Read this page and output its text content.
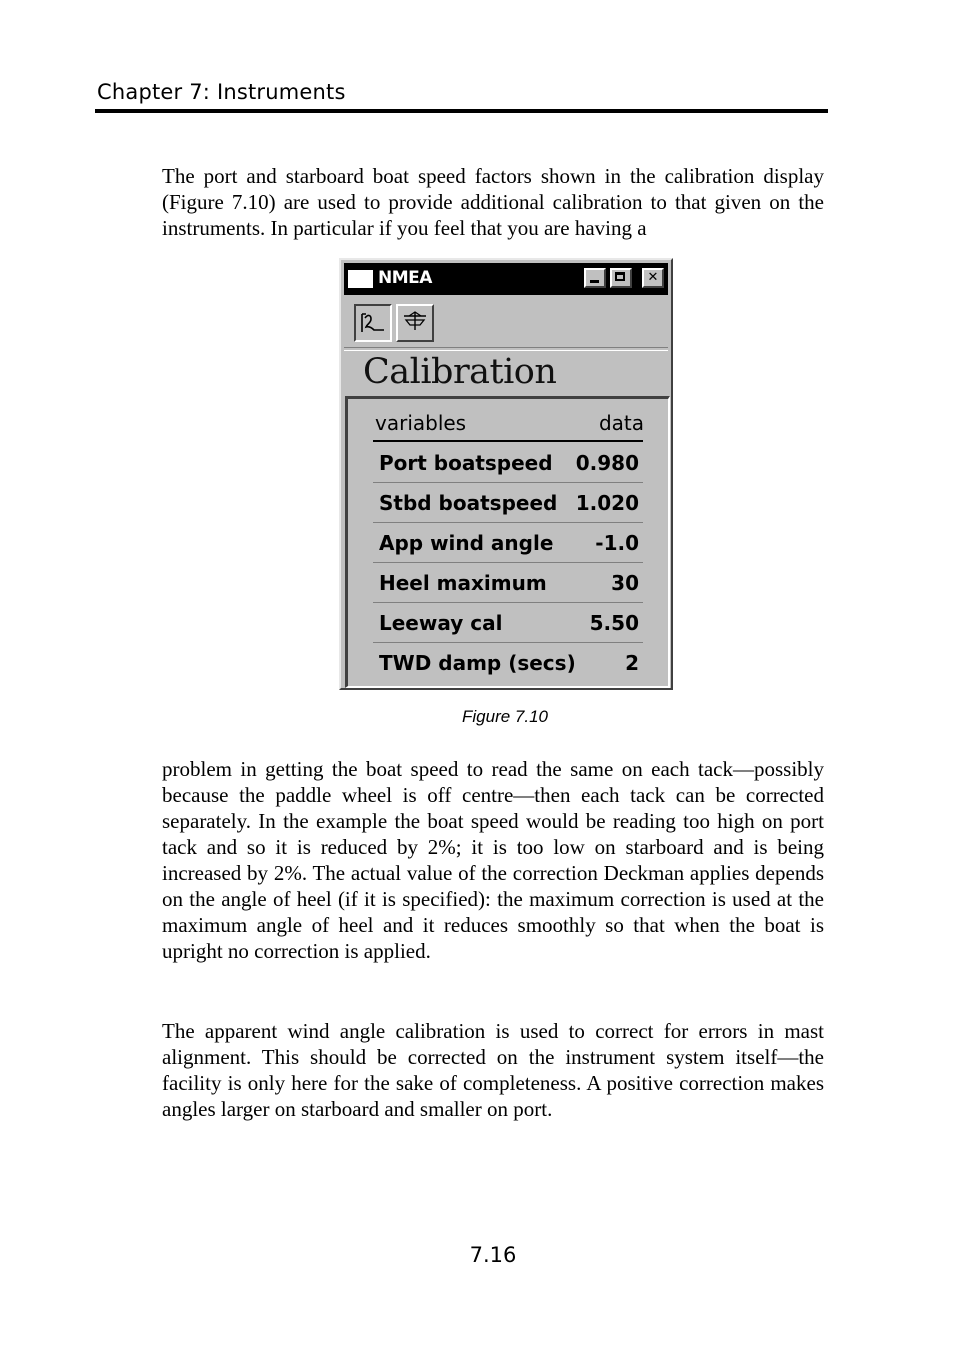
Chapter 7: Instruments

The port and starboard boat speed factors shown in the calibration display (Figure 7.10) are used to provide additional calibration to that given on the instruments. In particular if you feel that you are having a

NMEA	✕
Calibration
variables	data
Port boatspeed 0.980
Stbd boatspeed 1.020
App wind angle -1.0
Heel maximum	30
Leeway cal	5.50
TWD damp (secs) 2
Figure 7.10

problem in getting the boat speed to read the same on each tack—possibly because the paddle wheel is off centre—then each tack can be corrected separately. In the example the boat speed would be reading too high on port tack and so it is reduced by 2%; it is too low on starboard and is being increased by 2%. The actual value of the correction Deckman applies depends on the angle of heel (if it is specified): the maximum correction is used at the maximum angle of heel and it reduces smoothly so that when the boat is upright no correction is applied.

The apparent wind angle calibration is used to correct for errors in mast alignment. This should be corrected on the instrument system itself—the facility is only here for the sake of completeness. A positive correction makes angles larger on starboard and smaller on port.

7.16
